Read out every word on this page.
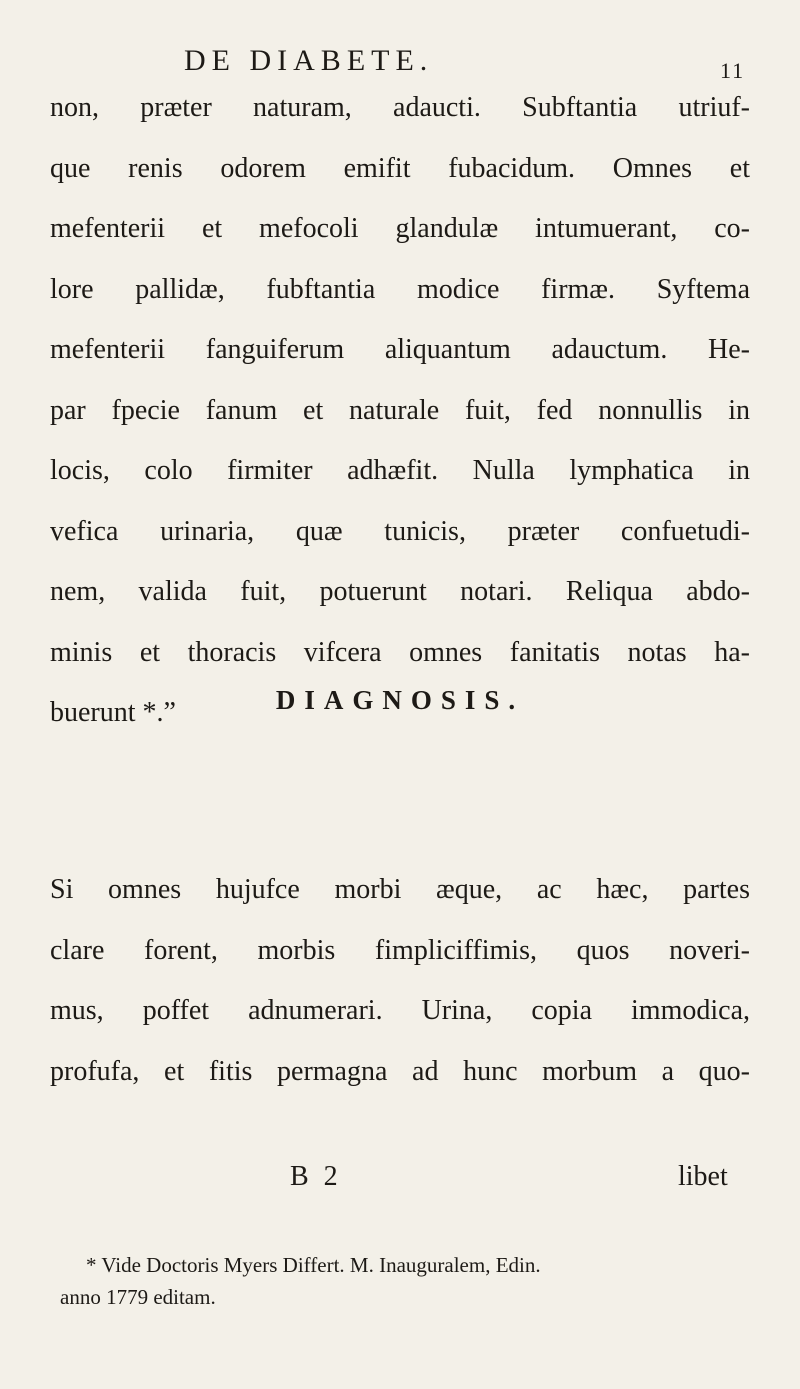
DE DIABETE.	11
non, præter naturam, adaucti. Subftantia utriuf-
que renis odorem emifit fubacidum. Omnes et
mefenterii et mefocoli glandulæ intumuerant, co-
lore pallidæ, fubftantia modice firmæ. Syftema
mefenterii fanguiferum aliquantum adauctum. He-
par fpecie fanum et naturale fuit, fed nonnullis in
locis, colo firmiter adhæfit. Nulla lymphatica in
vefica urinaria, quæ tunicis, præter confuetudi-
nem, valida fuit, potuerunt notari. Reliqua abdo-
minis et thoracis vifcera omnes fanitatis notas ha-
buerunt *.”	DIAGNOSIS.
Si omnes hujufce morbi æque, ac hæc, partes
clare forent, morbis fimpliciffimis, quos noveri-
mus, poffet adnumerari. Urina, copia immodica,
profufa, et fitis permagna ad hunc morbum a quo-
B 2	libet
* Vide Doctoris Myers Differt. M. Inauguralem, Edin.
anno 1779 editam.
